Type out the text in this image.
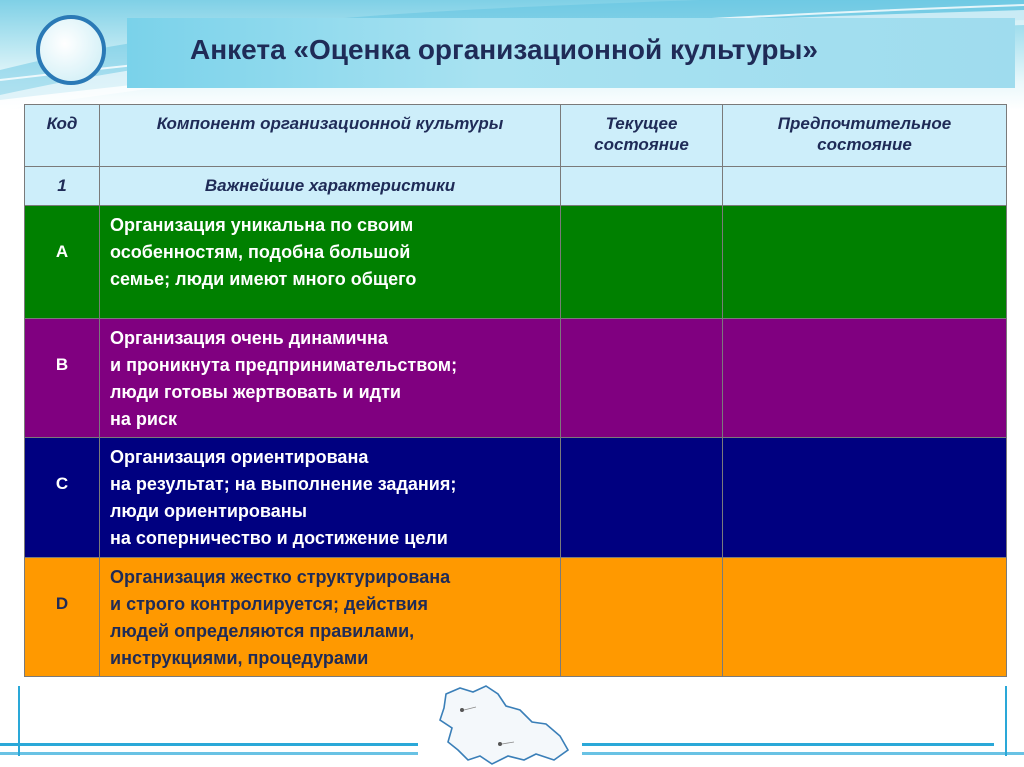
Анкета «Оценка организационной культуры»
Код	Компонент организационной культуры	Текущее состояние	Предпочтительное состояние
1	Важнейшие характеристики		
A	Организация уникальна по своим
особенностям, подобна большой
семье; люди имеют много общего		

B	Организация очень динамична
и проникнута предпринимательством;
люди готовы жертвовать и идти
на риск		

C	Организация ориентирована
на результат; на выполнение задания;
люди ориентированы
на соперничество и достижение цели		

D	Организация жестко структурирована
и строго контролируется; действия
людей определяются правилами,
инструкциями, процедурами		
